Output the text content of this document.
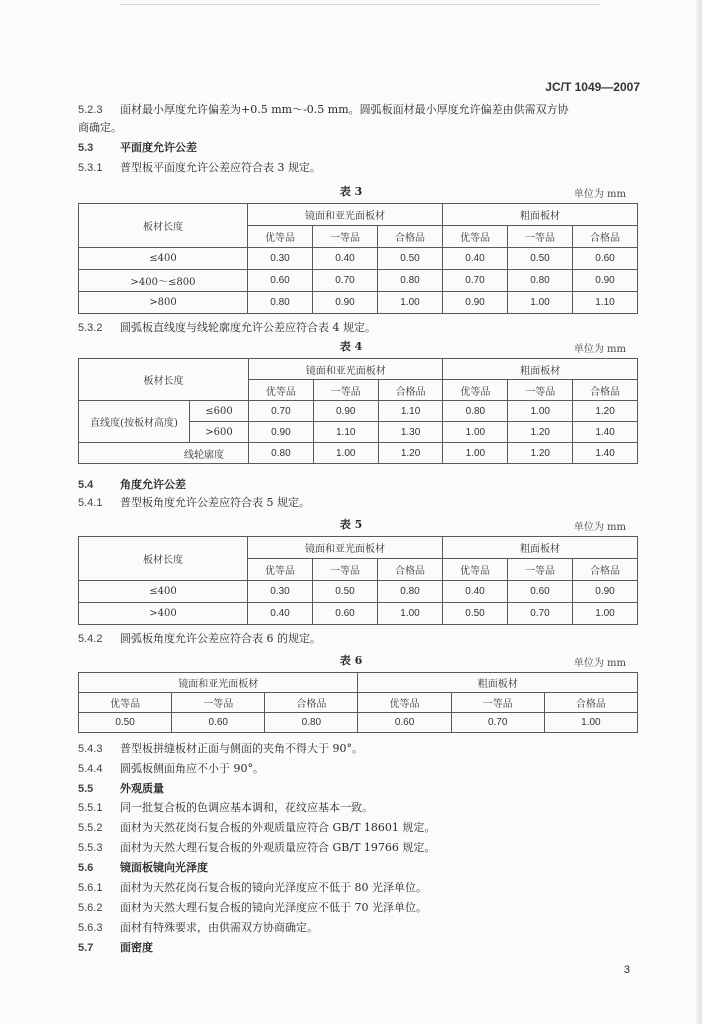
JC/T 1049—2007
5.2.3 面材最小厚度允许偏差为+0.5 mm～-0.5 mm。圆弧板面材最小厚度允许偏差由供需双方协
商确定。
5.3 平面度允许公差
5.3.1 普型板平面度允许公差应符合表 3 规定。
表 3	单位为 mm
板材长度	镜面和亚光面板材			粗面板材		
	优等品	一等品	合格品	优等品	一等品	合格品
≤400	0.30	0.40	0.50	0.40	0.50	0.60
>400～≤800	0.60	0.70	0.80	0.70	0.80	0.90
>800	0.80	0.90	1.00	0.90	1.00	1.10
5.3.2 圆弧板直线度与线轮廓度允许公差应符合表 4 规定。
表 4	单位为 mm
板材长度		镜面和亚光面板材			粗面板材		
		优等品	一等品	合格品	优等品	一等品	合格品
直线度(按板材高度)	≤600	0.70	0.90	1.10	0.80	1.00	1.20
	>600	0.90	1.10	1.30	1.00	1.20	1.40
线轮廓度		0.80	1.00	1.20	1.00	1.20	1.40
5.4 角度允许公差
5.4.1 普型板角度允许公差应符合表 5 规定。
表 5	单位为 mm
板材长度	镜面和亚光面板材			粗面板材		
	优等品	一等品	合格品	优等品	一等品	合格品
≤400	0.30	0.50	0.80	0.40	0.60	0.90
>400	0.40	0.60	1.00	0.50	0.70	1.00
5.4.2 圆弧板角度允许公差应符合表 6 的规定。
表 6	单位为 mm
镜面和亚光面板材			粗面板材		
优等品	一等品	合格品	优等品	一等品	合格品
0.50	0.60	0.80	0.60	0.70	1.00
5.4.3 普型板拼缝板材正面与侧面的夹角不得大于 90°。
5.4.4 圆弧板侧面角应不小于 90°。
5.5 外观质量
5.5.1 同一批复合板的色调应基本调和，花纹应基本一致。
5.5.2 面材为天然花岗石复合板的外观质量应符合 GB/T 18601 规定。
5.5.3 面材为天然大理石复合板的外观质量应符合 GB/T 19766 规定。
5.6 镜面板镜向光泽度
5.6.1 面材为天然花岗石复合板的镜向光泽度应不低于 80 光泽单位。
5.6.2 面材为天然大理石复合板的镜向光泽度应不低于 70 光泽单位。
5.6.3 面材有特殊要求，由供需双方协商确定。
5.7 面密度
3
